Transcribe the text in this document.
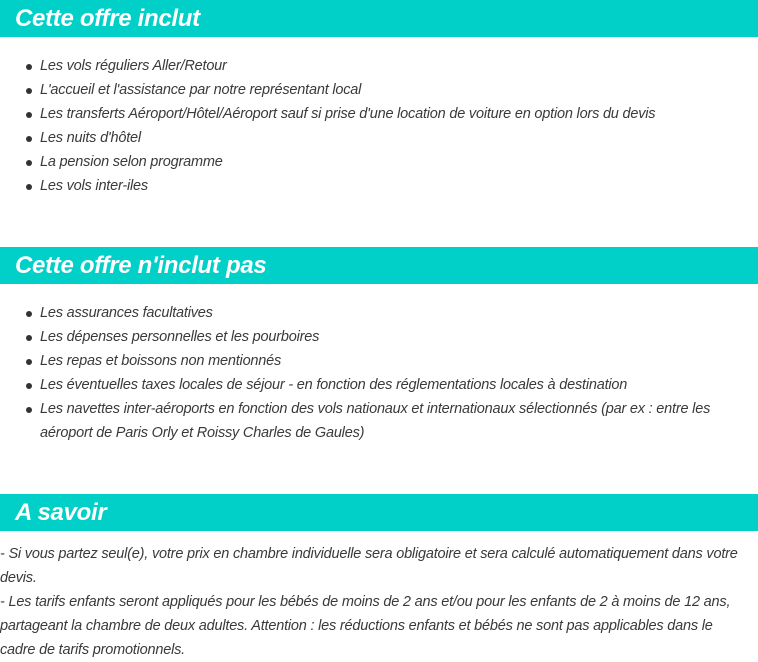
Cette offre inclut
Les vols réguliers Aller/Retour
L'accueil et l'assistance par notre représentant local
Les transferts Aéroport/Hôtel/Aéroport sauf si prise d'une location de voiture en option lors du devis
Les nuits d'hôtel
La pension selon programme
Les vols inter-iles
Cette offre n'inclut pas
Les assurances facultatives
Les dépenses personnelles et les pourboires
Les repas et boissons non mentionnés
Les éventuelles taxes locales de séjour - en fonction des réglementations locales à destination
Les navettes inter-aéroports en fonction des vols nationaux et internationaux sélectionnés (par ex : entre les aéroport de Paris Orly et Roissy Charles de Gaules)
A savoir
- Si vous partez seul(e), votre prix en chambre individuelle sera obligatoire et sera calculé automatiquement dans votre devis.
- Les tarifs enfants seront appliqués pour les bébés de moins de 2 ans et/ou pour les enfants de 2 à moins de 12 ans, partageant la chambre de deux adultes. Attention : les réductions enfants et bébés ne sont pas applicables dans le cadre de tarifs promotionnels.
